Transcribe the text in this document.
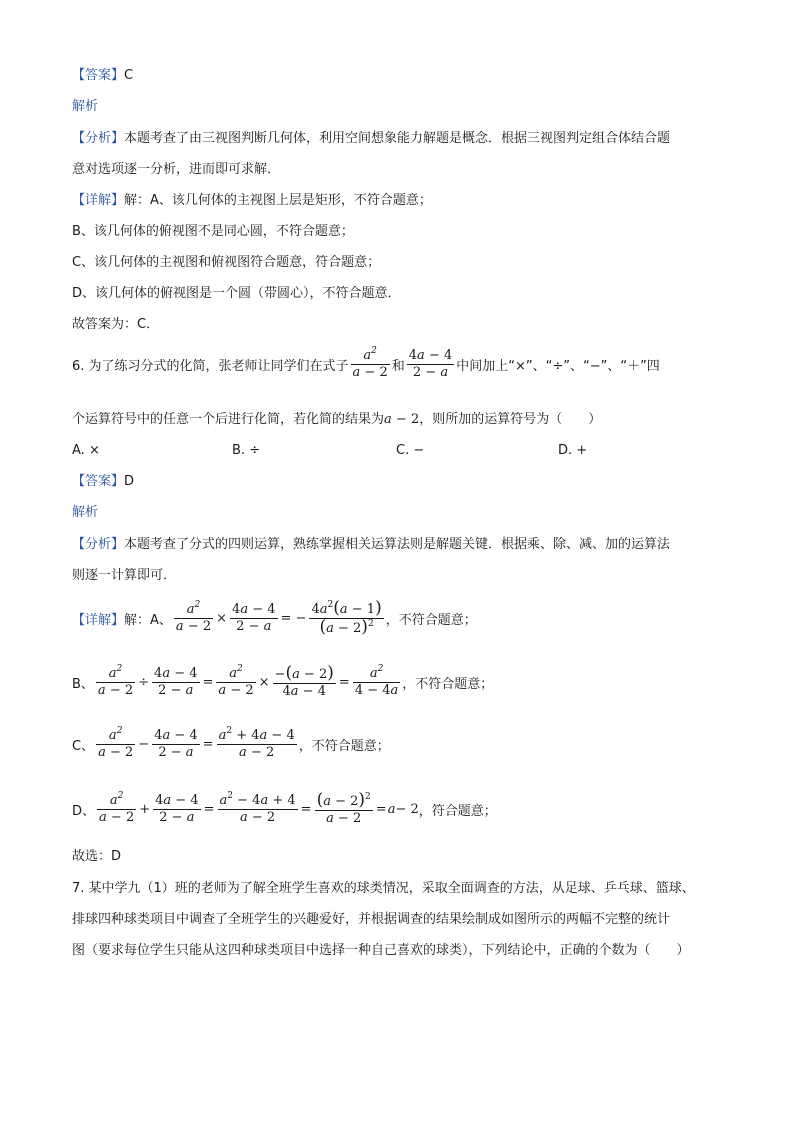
【答案】C
解析
【分析】本题考查了由三视图判断几何体，利用空间想象能力解题是概念．根据三视图判定组合体结合题
意对选项逐一分析，进而即可求解．
【详解】解：A、该几何体的主视图上层是矩形，不符合题意；
B、该几何体的俯视图不是同心圆，不符合题意；
C、该几何体的主视图和俯视图符合题意，符合题意；
D、该几何体的俯视图是一个圆（带圆心），不符合题意．
故答案为：C．
6. 为了练习分式的化简，张老师让同学们在式子 $\frac{a^2}{a - 2}$ 和 $\frac{4a - 4}{2 - a}$ 中间加上“×”、“÷”、“−”、“＋”四
个运算符号中的任意一个后进行化简，若化简的结果为a − 2，则所加的运算符号为（　　）
A. ×	B. ÷	C. −	D. +
【答案】D
解析
【分析】本题考查了分式的四则运算，熟练掌握相关运算法则是解题关键．根据乘、除、减、加的运算法
则逐一计算即可．
【详解】 解：A、 $\frac{a^2}{a - 2} \times \frac{4a - 4}{2 - a}$ = − $\frac{4a^2(a - 1)}{(a - 2)^2}$ ，不符合题意；
B、 $\frac{a^2}{a - 2} \div \frac{4a - 4}{2 - a} = \frac{a^2}{a - 2} \times \frac{-(a - 2)}{4a - 4} = \frac{a^2}{4 - 4a}$ ，不符合题意；
C、 $\frac{a^2}{a - 2} - \frac{4a - 4}{2 - a} = \frac{a^2 + 4a - 4}{a - 2}$ ，不符合题意；
D、 $\frac{a^2}{a - 2} + \frac{4a - 4}{2 - a} = \frac{a^2 - 4a + 4}{a - 2} = \frac{(a - 2)^2}{a - 2} = a - 2$ ，符合题意；
故选：D
7. 某中学九（1）班的老师为了解全班学生喜欢的球类情况，采取全面调查的方法，从足球、乒乓球、篮球、
排球四种球类项目中调查了全班学生的兴趣爱好，并根据调查的结果绘制成如图所示的两幅不完整的统计
图（要求每位学生只能从这四种球类项目中选择一种自己喜欢的球类），下列结论中，正确的个数为（　　）
